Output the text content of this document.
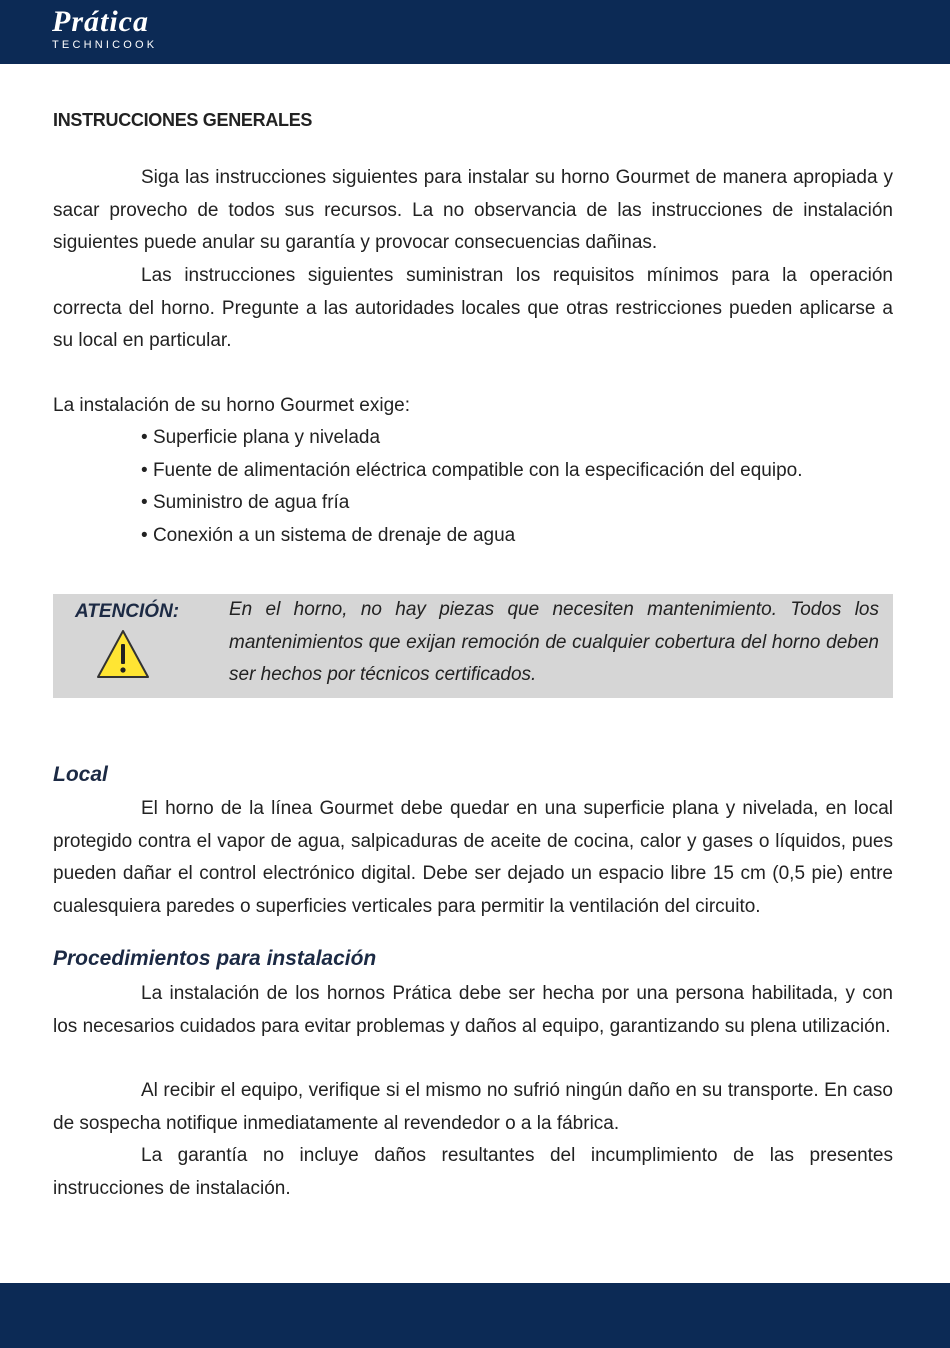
Prática
TECHNICOOK
INSTRUCCIONES GENERALES

Siga las instrucciones siguientes para instalar su horno Gourmet de manera apropiada y sacar provecho de todos sus recursos. La no observancia de las instrucciones de instalación siguientes puede anular su garantía y provocar consecuencias dañinas.

Las instrucciones siguientes suministran los requisitos mínimos para la operación correcta del horno. Pregunte a las autoridades locales que otras restricciones pueden aplicarse a su local en particular.

La instalación de su horno Gourmet exige:

• Superficie plana y nivelada
• Fuente de alimentación eléctrica compatible con la especificación del equipo.
• Suministro de agua fría
• Conexión a un sistema de drenaje de agua
ATENCIÓN:	En el horno, no hay piezas que necesiten mantenimiento. Todos los mantenimientos que exijan remoción de cualquier cobertura del horno deben ser hechos por técnicos certificados.

Local

El horno de la línea Gourmet debe quedar en una superficie plana y nivelada, en local protegido contra el vapor de agua, salpicaduras de aceite de cocina, calor y gases o líquidos, pues pueden dañar el control electrónico digital. Debe ser dejado un espacio libre 15 cm (0,5 pie) entre cualesquiera paredes o superficies verticales para permitir la ventilación del circuito.

Procedimientos para instalación

La instalación de los hornos Prática debe ser hecha por una persona habilitada, y con los necesarios cuidados para evitar problemas y daños al equipo, garantizando su plena utilización.

Al recibir el equipo, verifique si el mismo no sufrió ningún daño en su transporte. En caso de sospecha notifique inmediatamente al revendedor o a la fábrica.

La garantía no incluye daños resultantes del incumplimiento de las presentes instrucciones de instalación.
